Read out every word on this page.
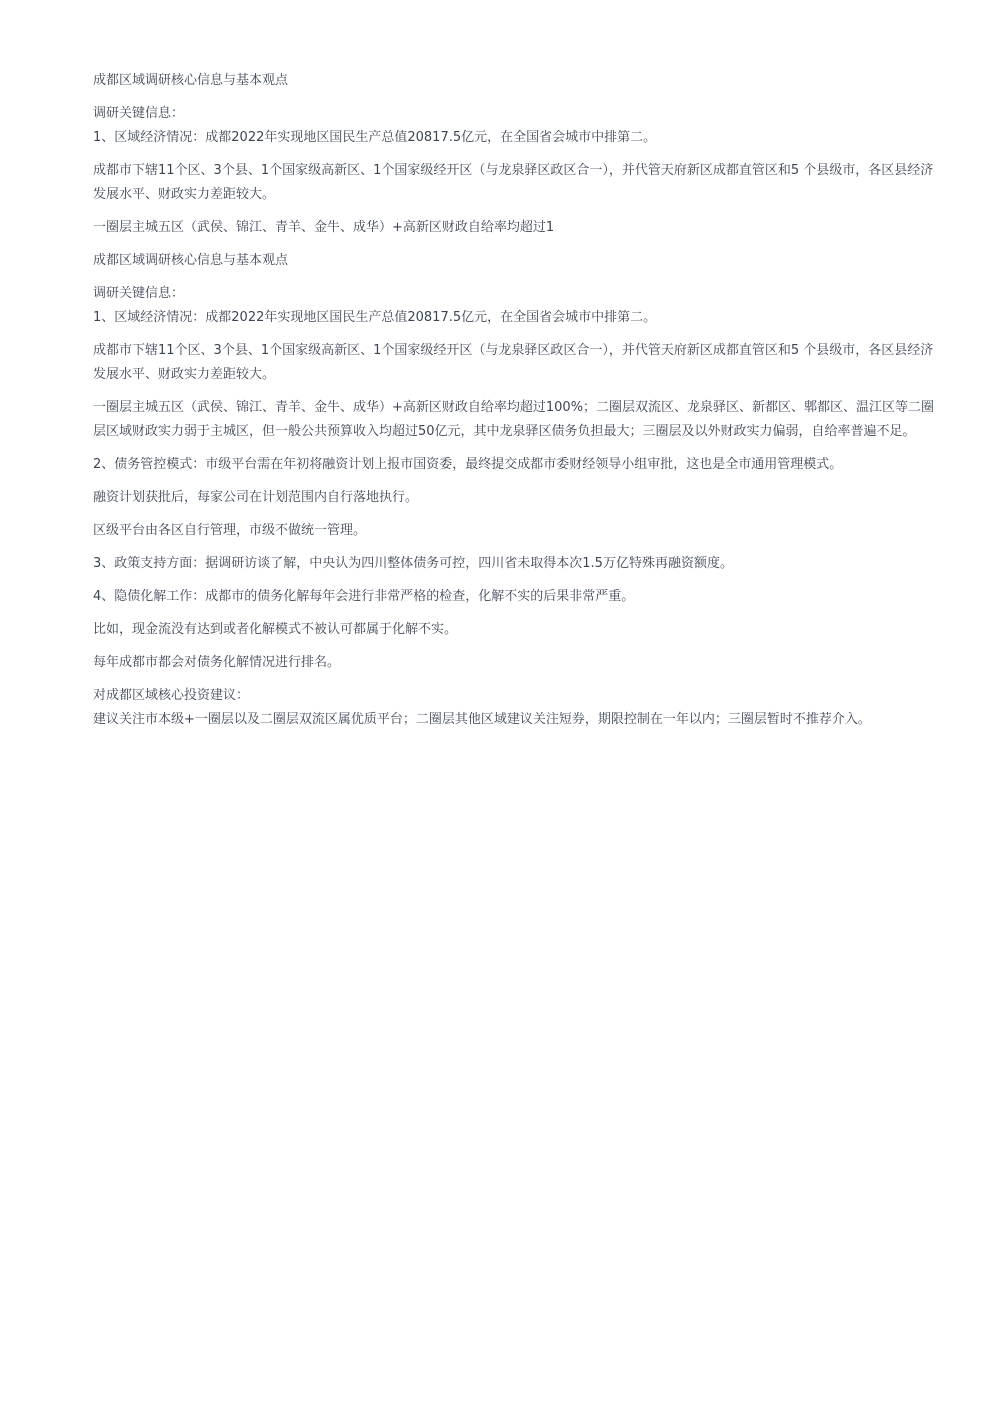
成都区域调研核心信息与基本观点

调研关键信息：

1、区域经济情况：成都2022年实现地区国民生产总值20817.5亿元，在全国省会城市中排第二。

成都市下辖11个区、3个县、1个国家级高新区、1个国家级经开区（与龙泉驿区政区合一），并代管天府新区成都直管区和5 个县级市，各区县经济发展水平、财政实力差距较大。

一圈层主城五区（武侯、锦江、青羊、金牛、成华）+高新区财政自给率均超过1

成都区域调研核心信息与基本观点

调研关键信息：

1、区域经济情况：成都2022年实现地区国民生产总值20817.5亿元，在全国省会城市中排第二。

成都市下辖11个区、3个县、1个国家级高新区、1个国家级经开区（与龙泉驿区政区合一），并代管天府新区成都直管区和5 个县级市，各区县经济发展水平、财政实力差距较大。

一圈层主城五区（武侯、锦江、青羊、金牛、成华）+高新区财政自给率均超过100%；二圈层双流区、龙泉驿区、新都区、郫都区、温江区等二圈层区域财政实力弱于主城区，但一般公共预算收入均超过50亿元，其中龙泉驿区债务负担最大；三圈层及以外财政实力偏弱，自给率普遍不足。

2、债务管控模式：市级平台需在年初将融资计划上报市国资委，最终提交成都市委财经领导小组审批，这也是全市通用管理模式。

融资计划获批后，每家公司在计划范围内自行落地执行。

区级平台由各区自行管理，市级不做统一管理。

3、政策支持方面：据调研访谈了解，中央认为四川整体债务可控，四川省未取得本次1.5万亿特殊再融资额度。

4、隐债化解工作：成都市的债务化解每年会进行非常严格的检查，化解不实的后果非常严重。

比如，现金流没有达到或者化解模式不被认可都属于化解不实。

每年成都市都会对债务化解情况进行排名。

对成都区域核心投资建议：

建议关注市本级+一圈层以及二圈层双流区属优质平台；二圈层其他区域建议关注短券，期限控制在一年以内；三圈层暂时不推荐介入。
